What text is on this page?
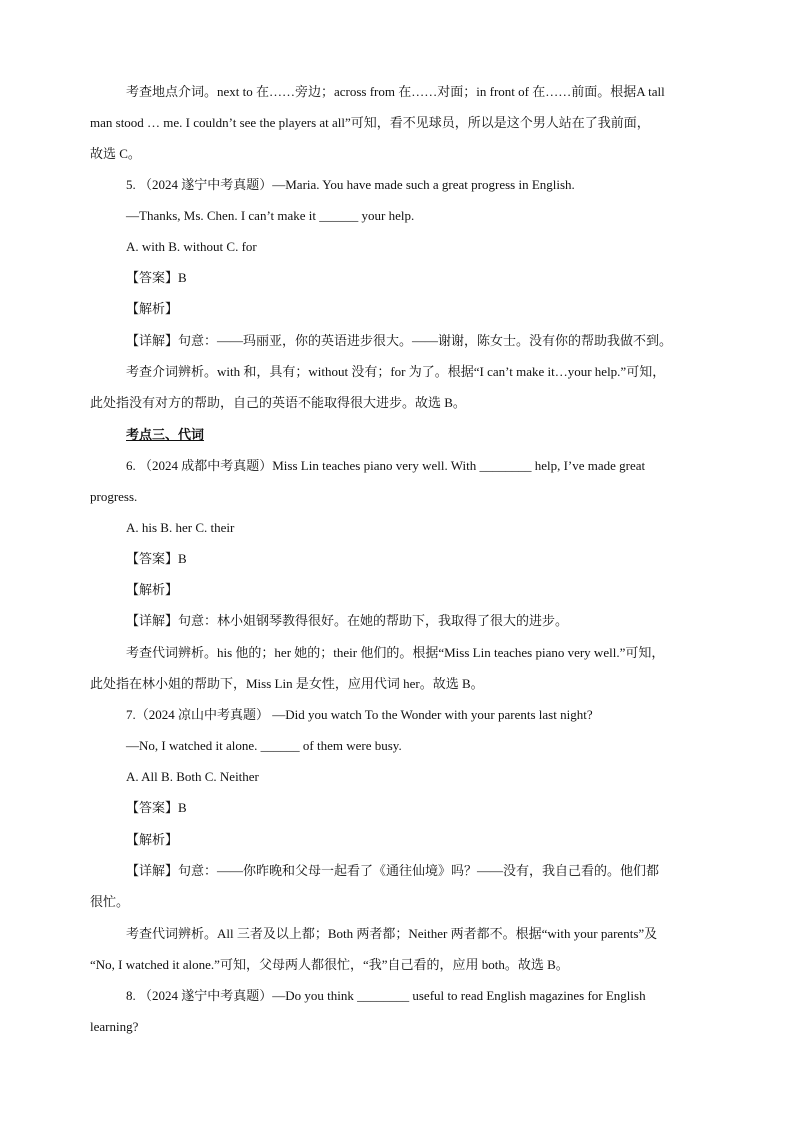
考查地点介词。next to 在……旁边；across from 在……对面；in front of 在……前面。根据A tall
man stood … me. I couldn’t see the players at all”可知，看不见球员，所以是这个男人站在了我前面，
故选 C。
5. （2024 遂宁中考真题）—Maria. You have made such a great progress in English.
—Thanks, Ms. Chen. I can’t make it ______ your help.
A. with B. without C. for
【答案】B
【解析】
【详解】句意：——玛丽亚，你的英语进步很大。——谢谢，陈女士。没有你的帮助我做不到。
考查介词辨析。with 和，具有；without 没有；for 为了。根据“I can’t make it…your help.”可知，
此处指没有对方的帮助，自己的英语不能取得很大进步。故选 B。
考点三、代词
6. （2024 成都中考真题）Miss Lin teaches piano very well. With ________ help, I’ve made great
progress.
A. his B. her C. their
【答案】B
【解析】
【详解】句意：林小姐钢琴教得很好。在她的帮助下，我取得了很大的进步。
考查代词辨析。his 他的；her 她的；their 他们的。根据“Miss Lin teaches piano very well.”可知，
此处指在林小姐的帮助下，Miss Lin 是女性，应用代词 her。故选 B。
7.（2024 凉山中考真题） —Did you watch To the Wonder with your parents last night?
—No, I watched it alone. ______ of them were busy.
A. All B. Both C. Neither
【答案】B
【解析】
【详解】句意：——你昨晚和父母一起看了《通往仙境》吗？——没有，我自己看的。他们都
很忙。
考查代词辨析。All 三者及以上都；Both 两者都；Neither 两者都不。根据“with your parents”及
“No, I watched it alone.”可知，父母两人都很忙，“我”自己看的，应用 both。故选 B。
8. （2024 遂宁中考真题）—Do you think ________ useful to read English magazines for English
learning?
